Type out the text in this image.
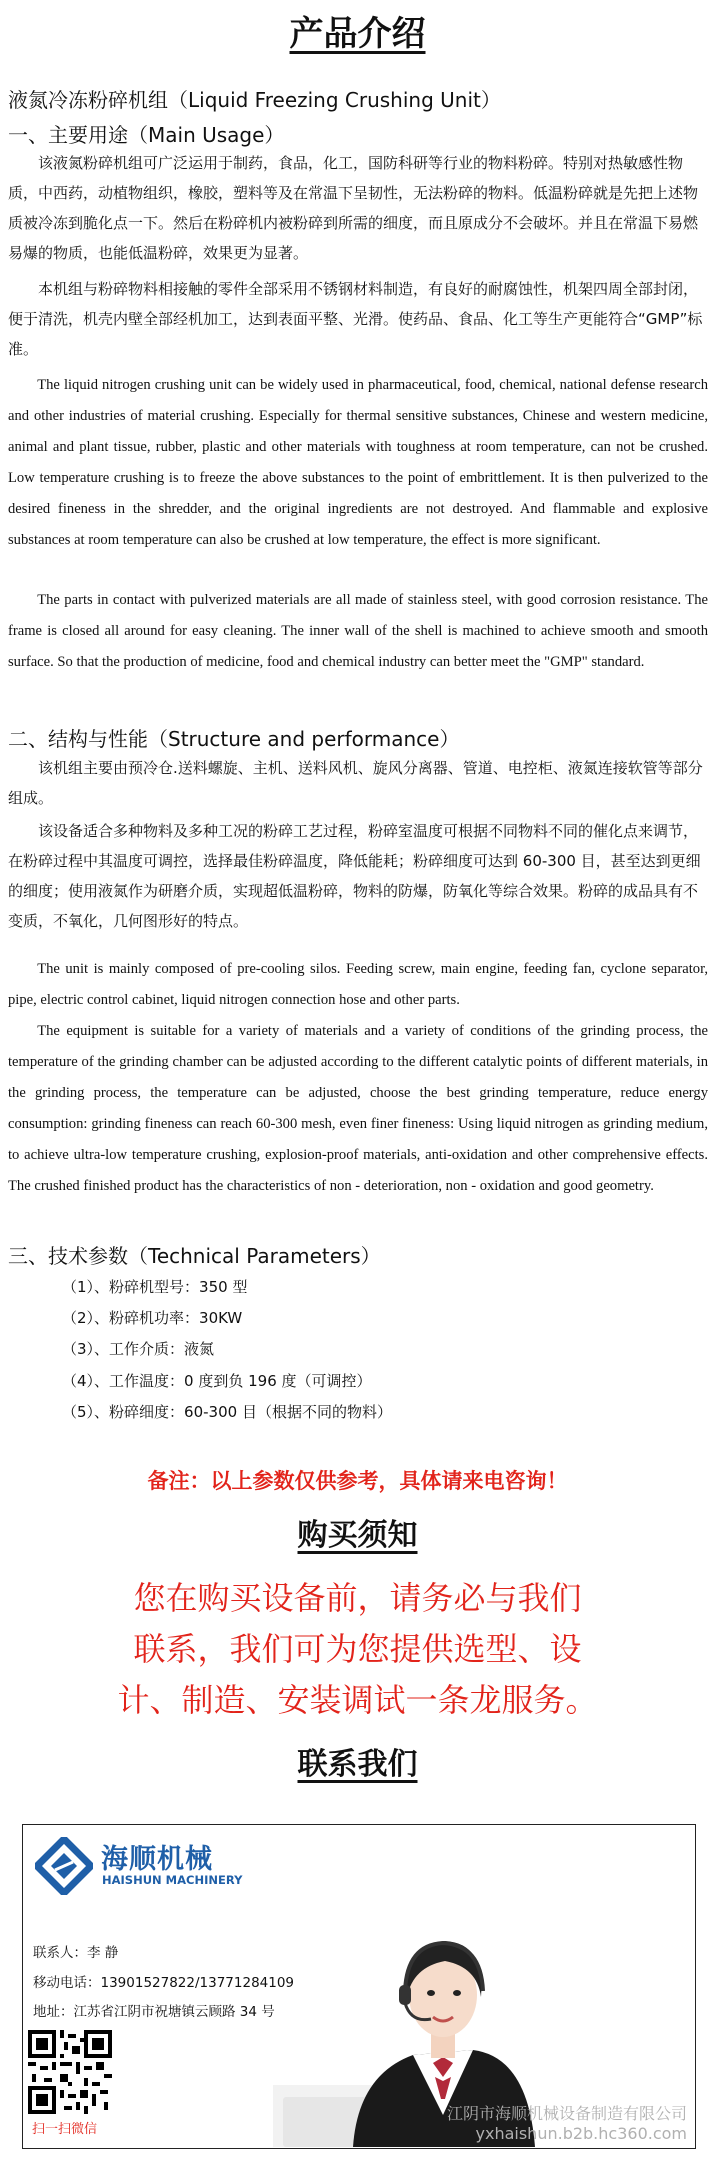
产品介绍
液氮冷冻粉碎机组（Liquid Freezing Crushing Unit）
一、主要用途（Main Usage）
该液氮粉碎机组可广泛运用于制药，食品，化工，国防科研等行业的物料粉碎。特别对热敏感性物质，中西药，动植物组织，橡胶，塑料等及在常温下呈韧性，无法粉碎的物料。低温粉碎就是先把上述物质被冷冻到脆化点一下。然后在粉碎机内被粉碎到所需的细度，而且原成分不会破坏。并且在常温下易燃易爆的物质，也能低温粉碎，效果更为显著。
本机组与粉碎物料相接触的零件全部采用不锈钢材料制造，有良好的耐腐蚀性，机架四周全部封闭，便于清洗，机壳内壁全部经机加工，达到表面平整、光滑。使药品、食品、化工等生产更能符合“GMP”标准。
The liquid nitrogen crushing unit can be widely used in pharmaceutical, food, chemical, national defense research and other industries of material crushing. Especially for thermal sensitive substances, Chinese and western medicine, animal and plant tissue, rubber, plastic and other materials with toughness at room temperature, can not be crushed. Low temperature crushing is to freeze the above substances to the point of embrittlement. It is then pulverized to the desired fineness in the shredder, and the original ingredients are not destroyed. And flammable and explosive substances at room temperature can also be crushed at low temperature, the effect is more significant.
The parts in contact with pulverized materials are all made of stainless steel, with good corrosion resistance. The frame is closed all around for easy cleaning. The inner wall of the shell is machined to achieve smooth and smooth surface. So that the production of medicine, food and chemical industry can better meet the "GMP" standard.
二、结构与性能（Structure and performance）
该机组主要由预冷仓.送料螺旋、主机、送料风机、旋风分离器、管道、电控柜、液氮连接软管等部分组成。
该设备适合多种物料及多种工况的粉碎工艺过程，粉碎室温度可根据不同物料不同的催化点来调节，在粉碎过程中其温度可调控，选择最佳粉碎温度，降低能耗；粉碎细度可达到 60-300 目，甚至达到更细的细度；使用液氮作为研磨介质，实现超低温粉碎，物料的防爆，防氧化等综合效果。粉碎的成品具有不变质，不氧化，几何图形好的特点。
The unit is mainly composed of pre-cooling silos. Feeding screw, main engine, feeding fan, cyclone separator, pipe, electric control cabinet, liquid nitrogen connection hose and other parts.
The equipment is suitable for a variety of materials and a variety of conditions of the grinding process, the temperature of the grinding chamber can be adjusted according to the different catalytic points of different materials, in the grinding process, the temperature can be adjusted, choose the best grinding temperature, reduce energy consumption: grinding fineness can reach 60-300 mesh, even finer fineness: Using liquid nitrogen as grinding medium, to achieve ultra-low temperature crushing, explosion-proof materials, anti-oxidation and other comprehensive effects. The crushed finished product has the characteristics of non - deterioration, non - oxidation and good geometry.
三、技术参数（Technical Parameters）
（1）、粉碎机型号：350 型
（2）、粉碎机功率：30KW
（3）、工作介质：液氮
（4）、工作温度：0 度到负 196 度（可调控）
（5）、粉碎细度：60-300 目（根据不同的物料）
备注：以上参数仅供参考，具体请来电咨询！
购买须知
您在购买设备前，请务必与我们
联系，我们可为您提供选型、设
计、制造、安装调试一条龙服务。
联系我们
海顺机械
HAISHUN MACHINERY
联系人：李 静
移动电话：13901527822/13771284109
地址：江苏省江阴市祝塘镇云顾路 34 号
扫一扫微信
江阴市海顺机械设备制造有限公司
yxhaishun.b2b.hc360.com
